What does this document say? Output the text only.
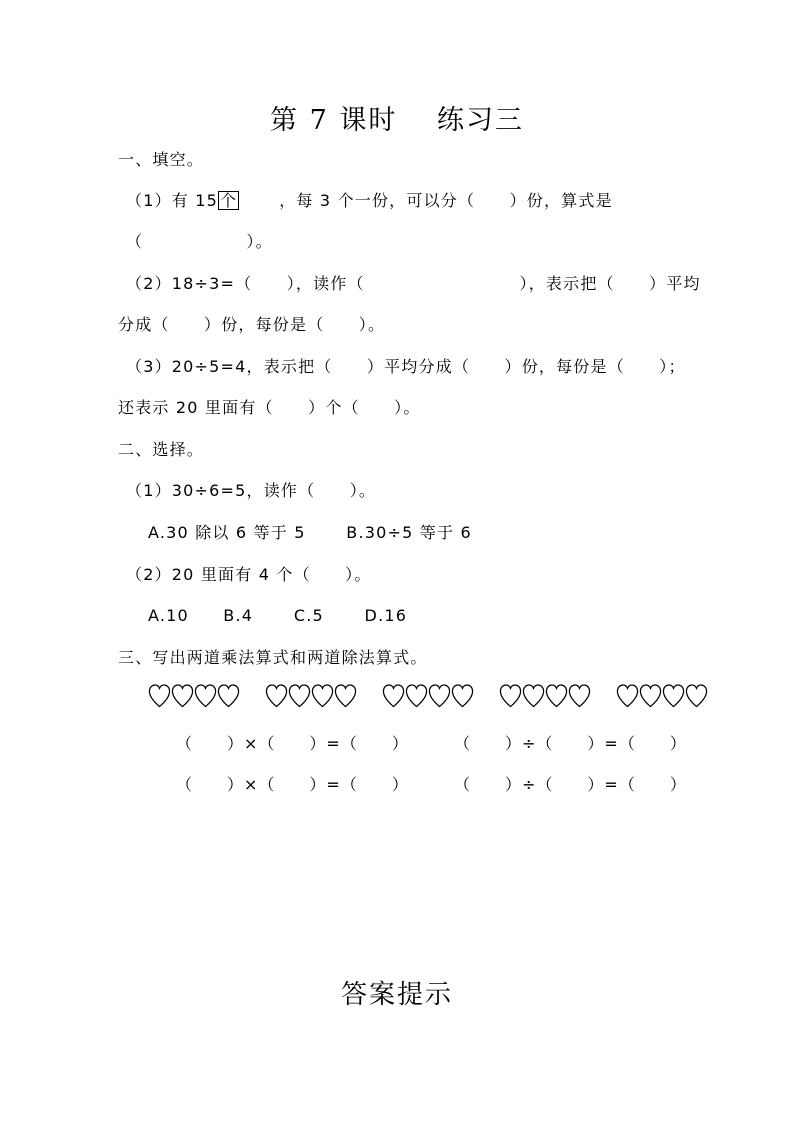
第 7 课时　 练习三
一、填空。
（1）有 15 个	，每 3 个一份，可以分（　　）份，算式是
（　　　　　　）。
（2）18÷3=（　　），读作（　　　　　　　　　），表示把（　　）平均
分成（　　）份，每份是（　　）。
（3）20÷5=4，表示把（　　）平均分成（　　）份，每份是（　　）；
还表示 20 里面有（　　）个（　　）。
二、选择。
（1）30÷6=5，读作（　　）。
A.30 除以 6 等于 5　　 B.30÷5 等于 6
（2）20 里面有 4 个（　　）。
A.10　　B.4　　 C.5　　 D.16
三、写出两道乘法算式和两道除法算式。
（　　）×（　　）=（　　）	（　　）÷（　　）=（　　）
（　　）×（　　）=（　　）	（　　）÷（　　）=（　　）
答案提示
